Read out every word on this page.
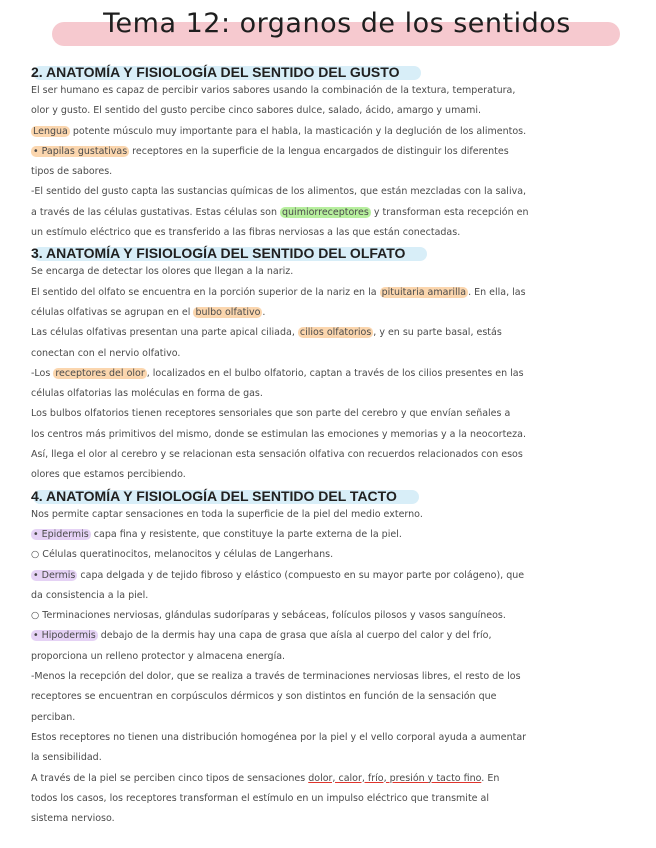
Tema 12: organos de los sentidos
2. ANATOMÍA Y FISIOLOGÍA DEL SENTIDO DEL GUSTO

El ser humano es capaz de percibir varios sabores usando la combinación de la textura, temperatura,

olor y gusto. El sentido del gusto percibe cinco sabores dulce, salado, ácido, amargo y umami.

Lengua potente músculo muy importante para el habla, la masticación y la deglución de los alimentos.

• Papilas gustativas receptores en la superficie de la lengua encargados de distinguir los diferentes

tipos de sabores.

-El sentido del gusto capta las sustancias químicas de los alimentos, que están mezcladas con la saliva,

a través de las células gustativas. Estas células son quimiorreceptores y transforman esta recepción en

un estímulo eléctrico que es transferido a las fibras nerviosas a las que están conectadas.

3. ANATOMÍA Y FISIOLOGÍA DEL SENTIDO DEL OLFATO

Se encarga de detectar los olores que llegan a la nariz.

El sentido del olfato se encuentra en la porción superior de la nariz en la pituitaria amarilla . En ella, las

células olfativas se agrupan en el bulbo olfativo .

Las células olfativas presentan una parte apical ciliada, cilios olfatorios , y en su parte basal, estás

conectan con el nervio olfativo.

-Los receptores del olor , localizados en el bulbo olfatorio, captan a través de los cilios presentes en las

células olfatorias las moléculas en forma de gas.

Los bulbos olfatorios tienen receptores sensoriales que son parte del cerebro y que envían señales a

los centros más primitivos del mismo, donde se estimulan las emociones y memorias y a la neocorteza.

Así, llega el olor al cerebro y se relacionan esta sensación olfativa con recuerdos relacionados con esos

olores que estamos percibiendo.

4. ANATOMÍA Y FISIOLOGÍA DEL SENTIDO DEL TACTO

Nos permite captar sensaciones en toda la superficie de la piel del medio externo.

• Epidermis capa fina y resistente, que constituye la parte externa de la piel.

○ Células queratinocitos, melanocitos y células de Langerhans.

• Dermis capa delgada y de tejido fibroso y elástico (compuesto en su mayor parte por colágeno), que

da consistencia a la piel.

○ Terminaciones nerviosas, glándulas sudoríparas y sebáceas, folículos pilosos y vasos sanguíneos.

• Hipodermis debajo de la dermis hay una capa de grasa que aísla al cuerpo del calor y del frío,

proporciona un relleno protector y almacena energía.

-Menos la recepción del dolor, que se realiza a través de terminaciones nerviosas libres, el resto de los

receptores se encuentran en corpúsculos dérmicos y son distintos en función de la sensación que

perciban.

Estos receptores no tienen una distribución homogénea por la piel y el vello corporal ayuda a aumentar

la sensibilidad.

A través de la piel se perciben cinco tipos de sensaciones dolor, calor, frío, presión y tacto fino. En

todos los casos, los receptores transforman el estímulo en un impulso eléctrico que transmite al

sistema nervioso.
